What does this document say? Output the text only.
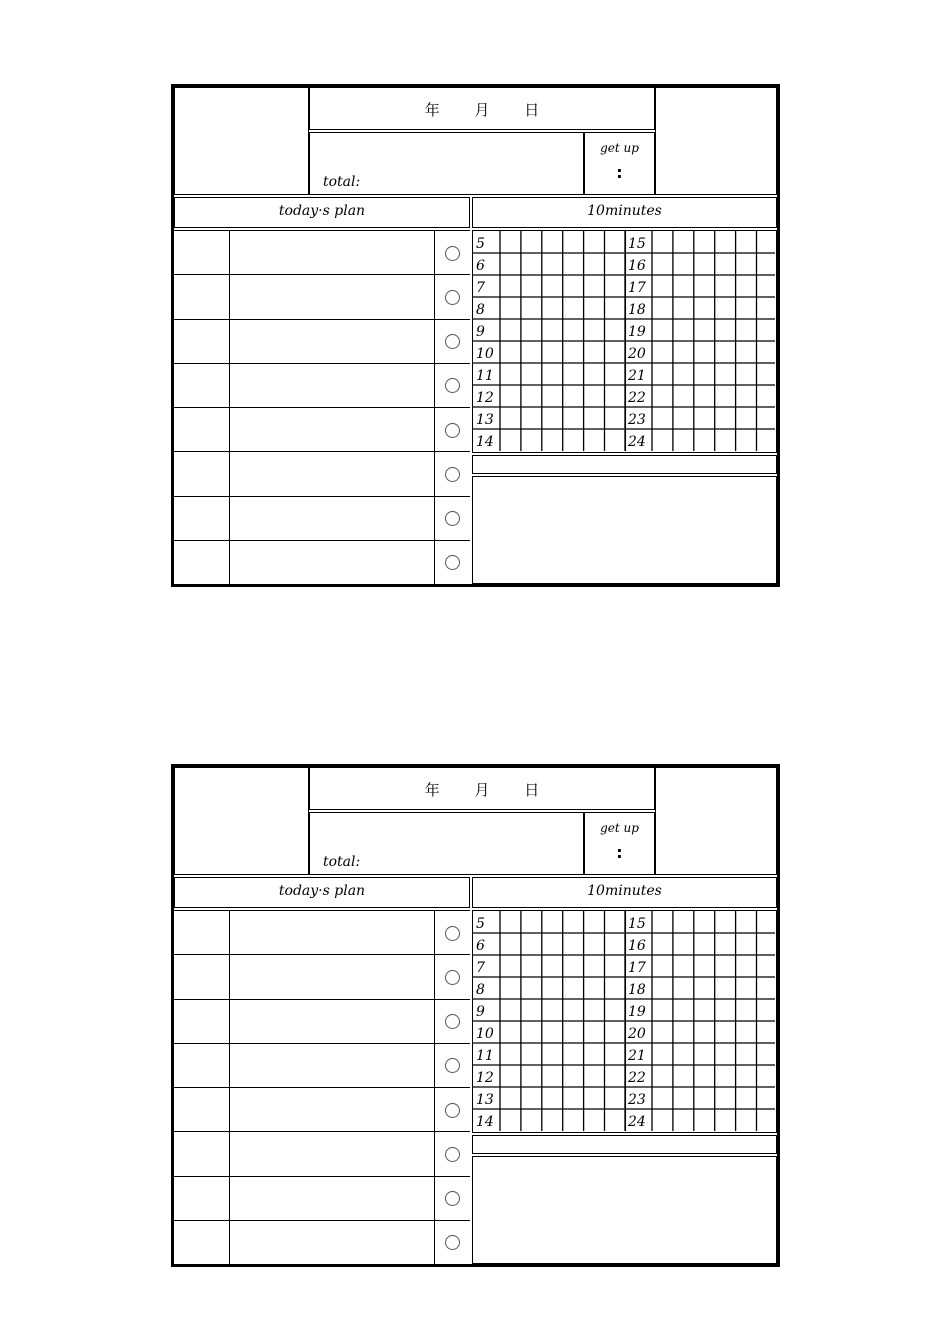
年 月 日
total:
get up
:
today·s plan	10minutes
5
6
7
8
9
10
11
12
13
14
15
16
17
18
19
20
21
22
23
24
年 月 日
total:
get up
:
today·s plan	10minutes
5
6
7
8
9
10
11
12
13
14
15
16
17
18
19
20
21
22
23
24
